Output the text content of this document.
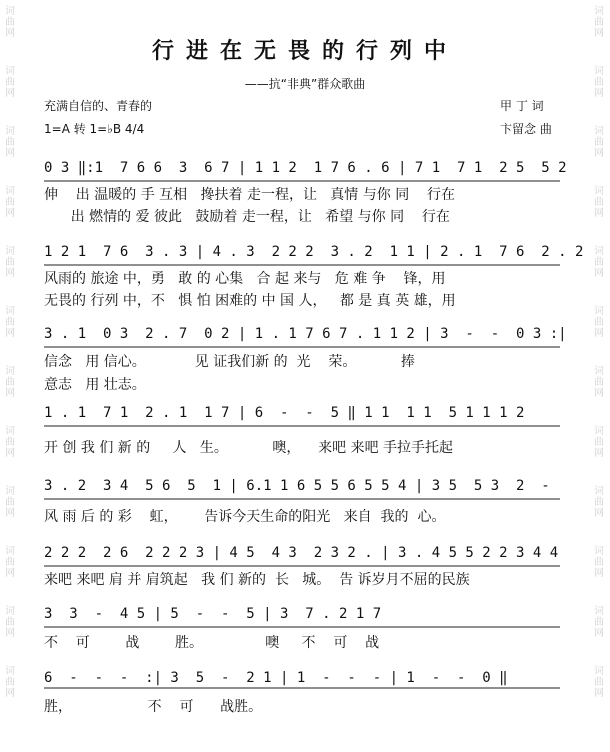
词
曲
网
词
曲
网
词
曲
网
词
曲
网
词
曲
网
词
曲
网
词
曲
网
词
曲
网
词
曲
网
词
曲
网
词
曲
网
词
曲
网
词
曲
网
词
曲
网
词
曲
网
词
曲
网
词
曲
网
词
曲
网
词
曲
网
词
曲
网
词
曲
网
词
曲
网
词
曲
网
词
曲
网
行进在无畏的行列中
——抗“非典”群众歌曲
充满自信的、青春的
1=A 转 1=♭B 4/4
甲 丁 词
卞留念 曲
0 3 ‖:1  7 6 6  3  6 7 | 1 1 2  1 7 6 . 6 | 7 1  7 1  2 5  5 2
伸    出 温暖的 手 互相   搀扶着 走一程，让   真情 与你 同    行在
出 燃情的 爱 彼此   鼓励着 走一程，让   希望 与你 同    行在
1 2 1  7 6  3 . 3 | 4 . 3  2 2 2  3 . 2  1 1 | 2 . 1  7 6  2 . 2
风雨的 旅途 中，勇   敢 的 心集   合 起 来与   危 难 争    锋，用
无畏的 行列 中，不   惧 怕 困难的 中 国 人，   都 是 真 英 雄，用
3 . 1  0 3  2 . 7  0 2 | 1 . 1 7 6 7 . 1 1 2 | 3  -  -  0 3 :|
信念   用 信心。           见 证我们新 的  光    荣。          捧
意志   用 壮志。
1 . 1  7 1  2 . 1  1 7 | 6  -  -  5 ‖ 1 1  1 1  5 1 1 1 2
开 创 我 们 新 的     人   生。          噢，    来吧 来吧 手拉手托起
3 . 2  3 4  5 6  5  1 | 6.1 1 6 5 5 6 5 5 4 | 3 5  5 3  2  -
风 雨 后 的 彩    虹，      告诉今天生命的阳光   来自  我的  心。
2 2 2  2 6  2 2 2 3 | 4 5  4 3  2 3 2 . | 3 . 4 5 5 2 2 3 4 4
来吧 来吧 肩 并 肩筑起   我 们 新的  长   城。  告 诉岁月不屈的民族
3  3  -  4 5 | 5  -  -  5 | 3  7 . 2 1 7
不    可        战        胜。              噢     不    可    战
6  -  -  -  :| 3  5  -  2 1 | 1  -  -  - | 1  -  -  0 ‖
胜，                 不    可      战胜。
